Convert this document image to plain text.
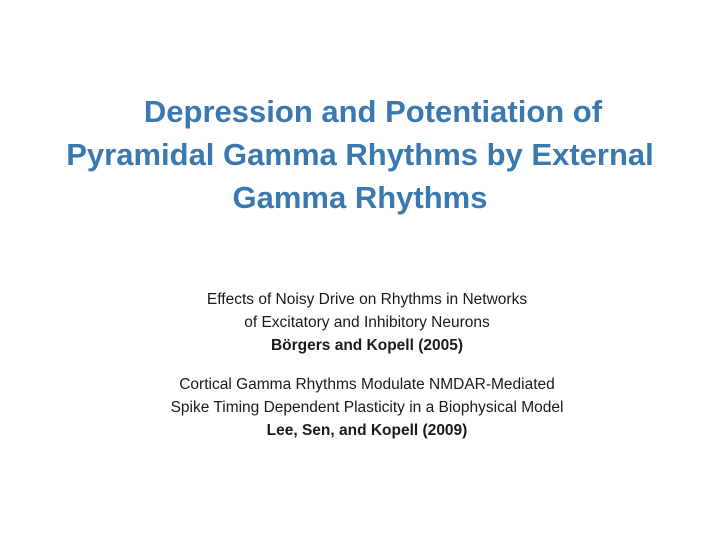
Depression and Potentiation of
Pyramidal Gamma Rhythms by External
Gamma Rhythms
Effects of Noisy Drive on Rhythms in Networks
of Excitatory and Inhibitory Neurons
Börgers and Kopell (2005)
Cortical Gamma Rhythms Modulate NMDAR-Mediated
Spike Timing Dependent Plasticity in a Biophysical Model
Lee, Sen, and Kopell (2009)
